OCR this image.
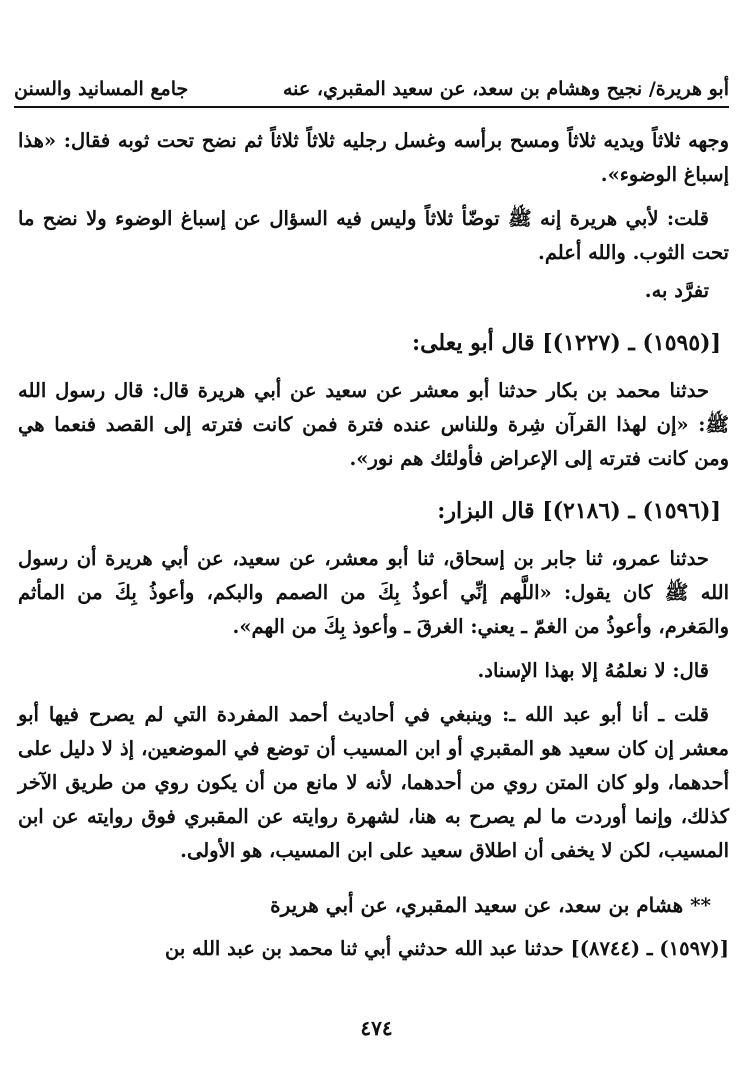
أبو هريرة/ نجيح وهشام بن سعد، عن سعيد المقبري، عنه
جامع المسانيد والسنن

وجهه ثلاثاً ويديه ثلاثاً ومسح برأسه وغسل رجليه ثلاثاً ثلاثاً ثم نضح تحت ثوبه فقال: «هذا إسباغ الوضوء».

قلت: لأبي هريرة إنه ﷺ توضّأ ثلاثاً وليس فيه السؤال عن إسباغ الوضوء ولا نضح ما تحت الثوب. والله أعلم.

تفرَّد به.

[(١٥٩٥) ـ (١٢٢٧)] قال أبو يعلى:

حدثنا محمد بن بكار حدثنا أبو معشر عن سعيد عن أبي هريرة قال: قال رسول الله ﷺ: «إن لهذا القرآن شِرة وللناس عنده فترة فمن كانت فترته إلى القصد فنعما هي ومن كانت فترته إلى الإعراض فأولئك هم نور».

[(١٥٩٦) ـ (٢١٨٦)] قال البزار:

حدثنا عمرو، ثنا جابر بن إسحاق، ثنا أبو معشر، عن سعيد، عن أبي هريرة أن رسول الله ﷺ كان يقول: «اللَّهم إنِّي أعوذُ بِكَ من الصمم والبكم، وأعوذُ بِكَ من المأثم والمَغرم، وأعوذُ من الغمّ ـ يعني: الغرقَ ـ وأعوذ بِكَ من الهم».

قال: لا نعلمُهُ إلا بهذا الإسناد.

قلت ـ أنا أبو عبد الله ـ: وينبغي في أحاديث أحمد المفردة التي لم يصرح فيها أبو معشر إن كان سعيد هو المقبري أو ابن المسيب أن توضع في الموضعين، إذ لا دليل على أحدهما، ولو كان المتن روي من أحدهما، لأنه لا مانع من أن يكون روي من طريق الآخر كذلك، وإنما أوردت ما لم يصرح به هنا، لشهرة روايته عن المقبري فوق روايته عن ابن المسيب، لكن لا يخفى أن اطلاق سعيد على ابن المسيب، هو الأولى.

** هشام بن سعد، عن سعيد المقبري، عن أبي هريرة

[(١٥٩٧) ـ (٨٧٤٤)] حدثنا عبد الله حدثني أبي ثنا محمد بن عبد الله بن

٤٧٤
